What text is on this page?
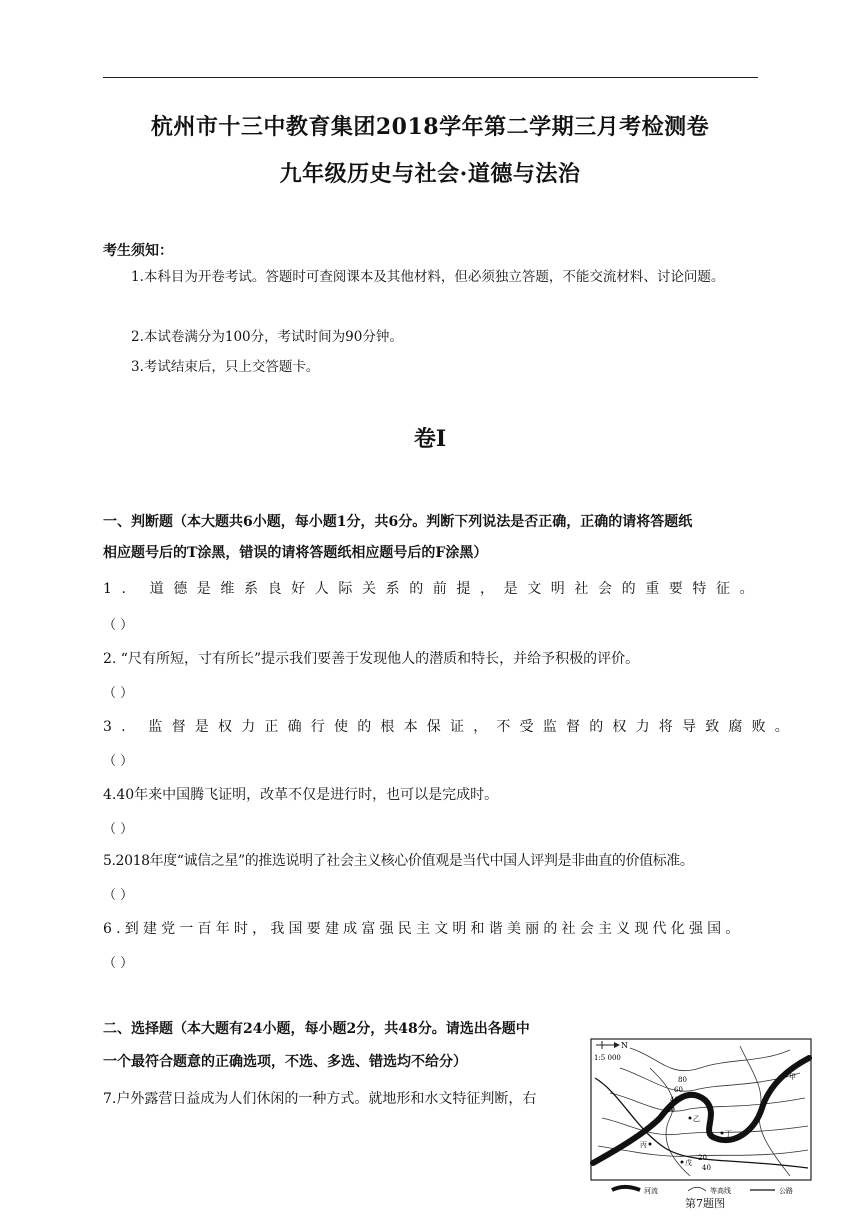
杭州市十三中教育集团2018学年第二学期三月考检测卷
九年级历史与社会·道德与法治
考生须知：
1.本科目为开卷考试。答题时可查阅课本及其他材料，但必须独立答题，不能交流材料、讨论问题。
2.本试卷满分为100分，考试时间为90分钟。
3.考试结束后，只上交答题卡。
卷Ⅰ
一、判断题（本大题共6小题，每小题1分，共6分。判断下列说法是否正确，正确的请将答题纸
相应题号后的T涂黑，错误的请将答题纸相应题号后的F涂黑）
1. 道德是维系良好人际关系的前提，是文明社会的重要特征。
（ ）
2. “尺有所短，寸有所长”提示我们要善于发现他人的潜质和特长，并给予积极的评价。
（ ）
3. 监督是权力正确行使的根本保证，不受监督的权力将导致腐败。
（ ）
4.40年来中国腾飞证明，改革不仅是进行时，也可以是完成时。
（ ）
5.2018年度“诚信之星”的推选说明了社会主义核心价值观是当代中国人评判是非曲直的价值标准。
（ ）
6.到建党一百年时，我国要建成富强民主文明和谐美丽的社会主义现代化强国。
（ ）
二、选择题（本大题有24小题，每小题2分，共48分。请选出各题中
一个最符合题意的正确选项，不选、多选、错选均不给分）
7.户外露营日益成为人们休闲的一种方式。就地形和水文特征判断，右
N
1:5 000
80
60
40
20
20
40
甲
乙
丙
丁
戊
河流	等高线	公路
第7题图
